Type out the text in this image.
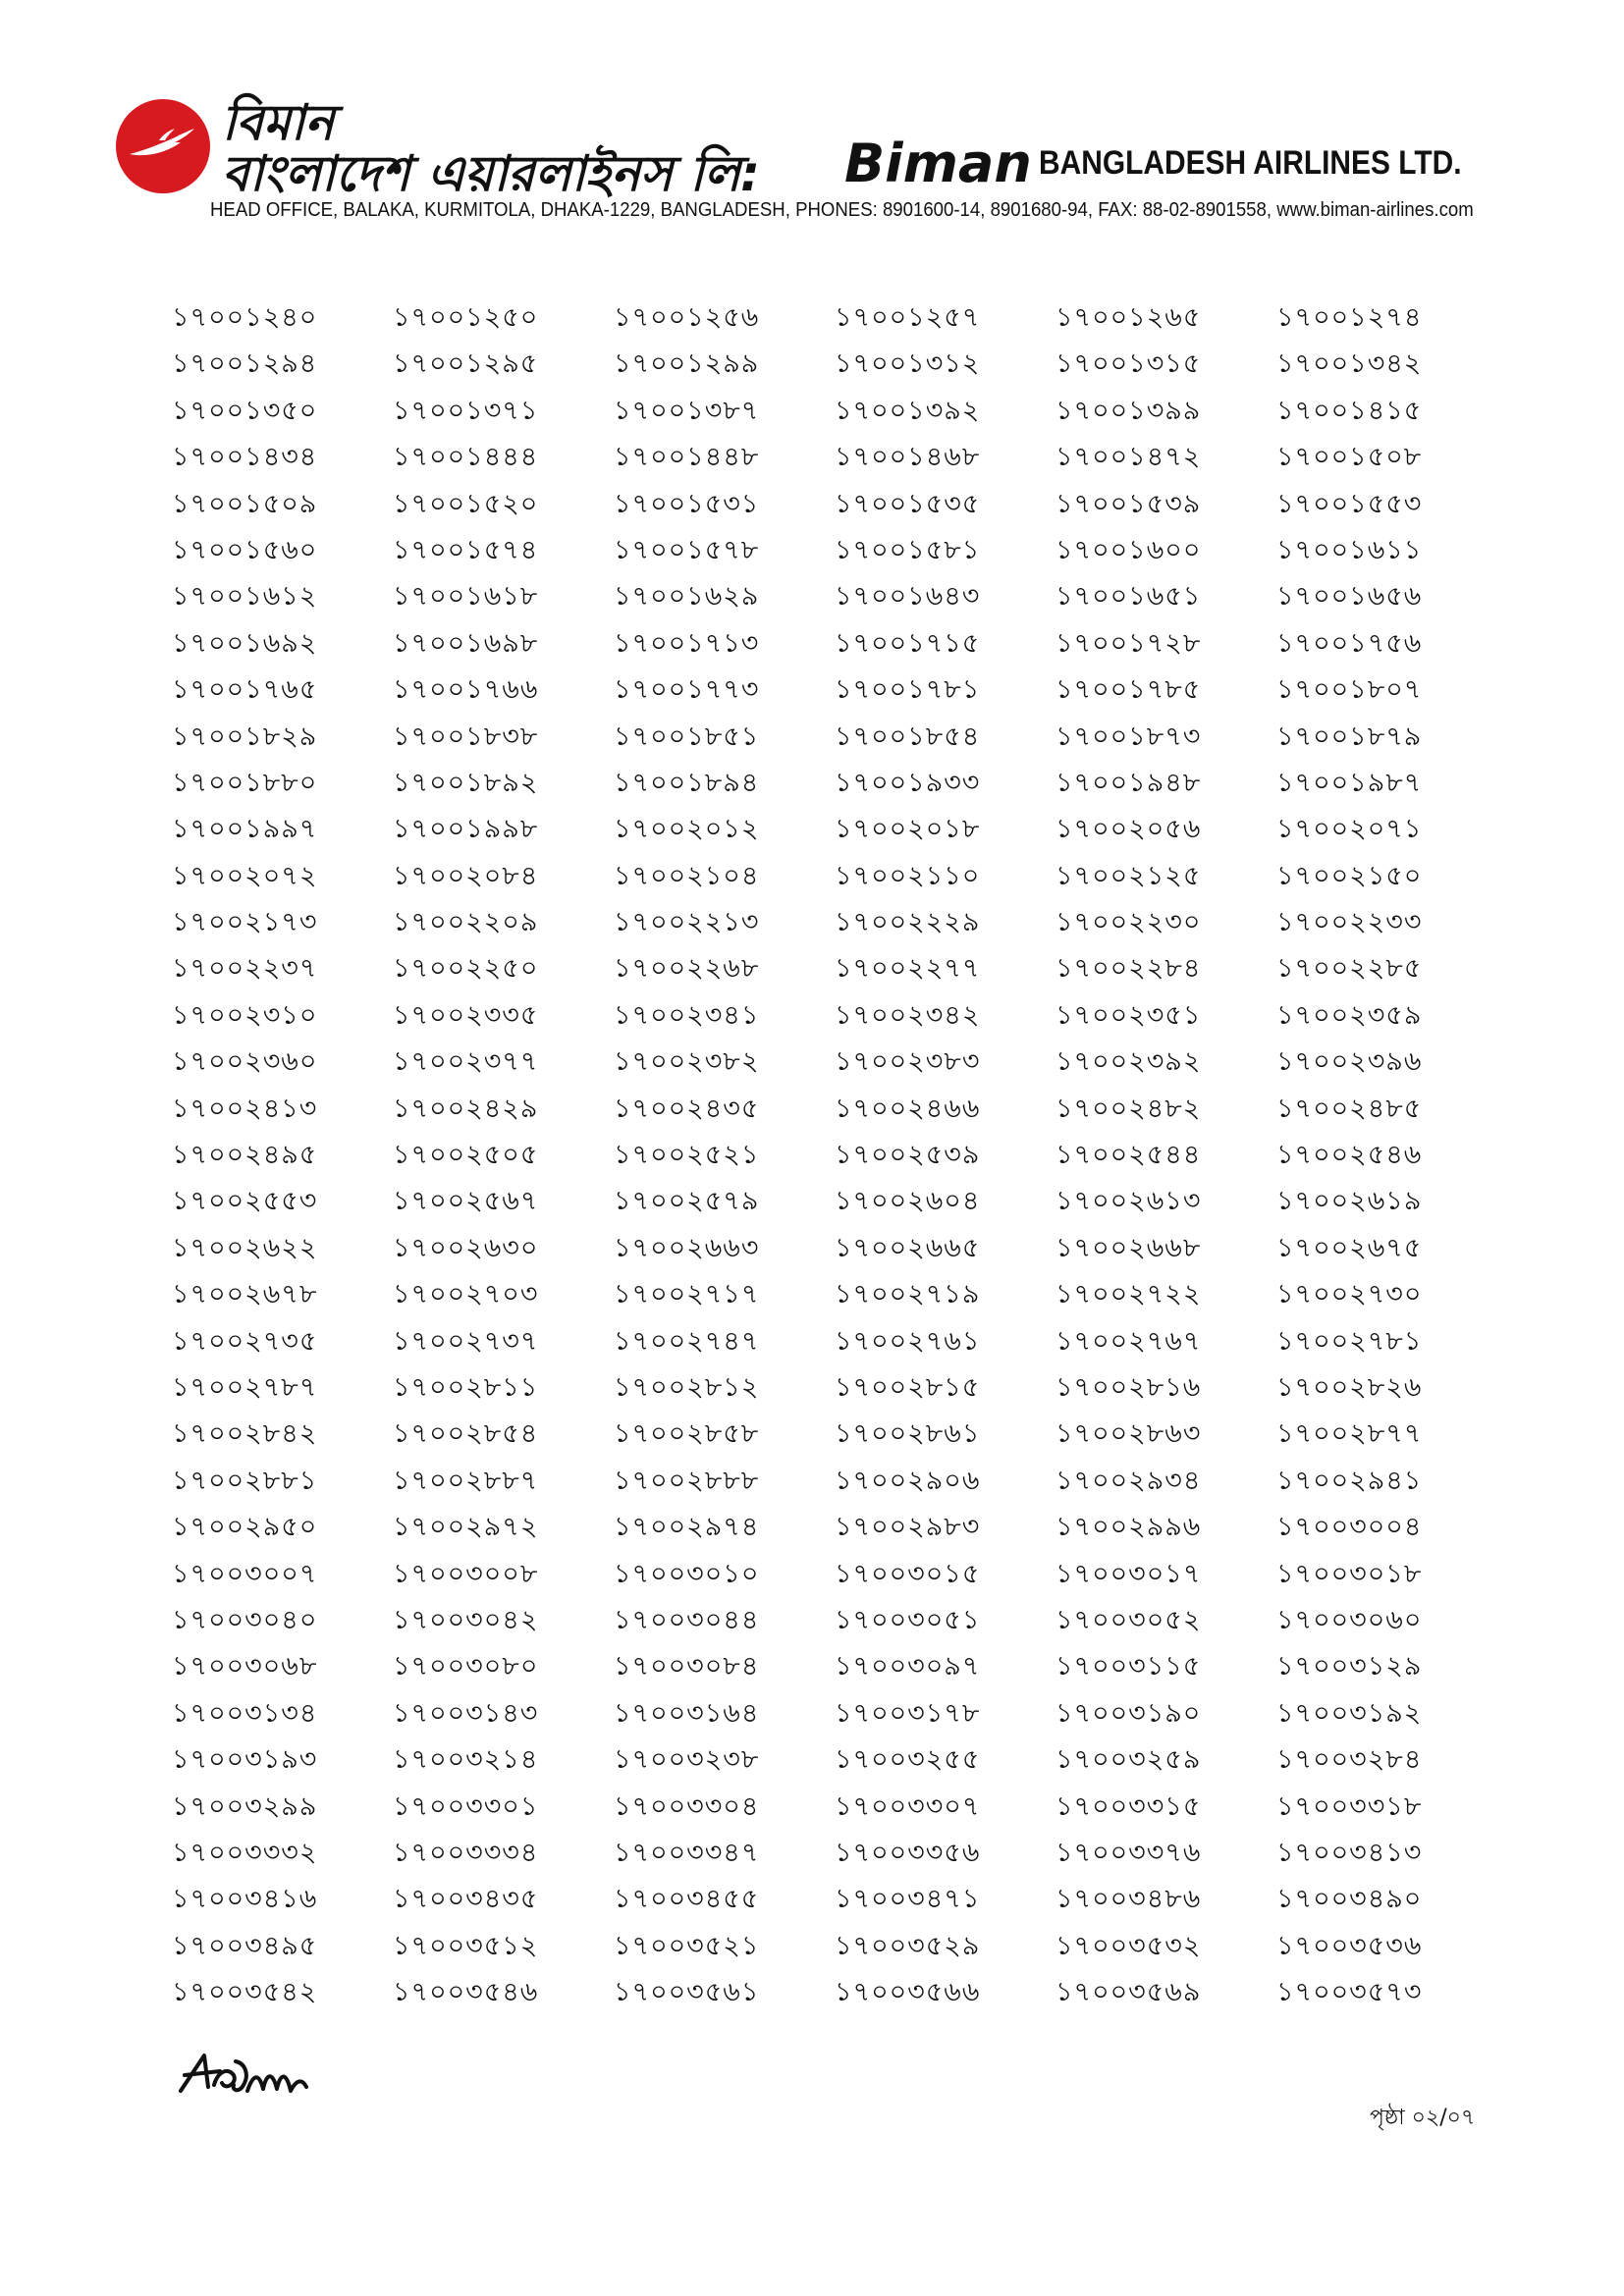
বিমান
বাংলাদেশ এয়ারলাইনস লি: Biman BANGLADESH AIRLINES LTD.
HEAD OFFICE, BALAKA, KURMITOLA, DHAKA-1229, BANGLADESH, PHONES: 8901600-14, 8901680-94, FAX: 88-02-8901558, www.biman-airlines.com
১৭০০১২৪০	১৭০০১২৫০	১৭০০১২৫৬	১৭০০১২৫৭	১৭০০১২৬৫	১৭০০১২৭৪
১৭০০১২৯৪	১৭০০১২৯৫	১৭০০১২৯৯	১৭০০১৩১২	১৭০০১৩১৫	১৭০০১৩৪২
১৭০০১৩৫০	১৭০০১৩৭১	১৭০০১৩৮৭	১৭০০১৩৯২	১৭০০১৩৯৯	১৭০০১৪১৫
১৭০০১৪৩৪	১৭০০১৪৪৪	১৭০০১৪৪৮	১৭০০১৪৬৮	১৭০০১৪৭২	১৭০০১৫০৮
১৭০০১৫০৯	১৭০০১৫২০	১৭০০১৫৩১	১৭০০১৫৩৫	১৭০০১৫৩৯	১৭০০১৫৫৩
১৭০০১৫৬০	১৭০০১৫৭৪	১৭০০১৫৭৮	১৭০০১৫৮১	১৭০০১৬০০	১৭০০১৬১১
১৭০০১৬১২	১৭০০১৬১৮	১৭০০১৬২৯	১৭০০১৬৪৩	১৭০০১৬৫১	১৭০০১৬৫৬
১৭০০১৬৯২	১৭০০১৬৯৮	১৭০০১৭১৩	১৭০০১৭১৫	১৭০০১৭২৮	১৭০০১৭৫৬
১৭০০১৭৬৫	১৭০০১৭৬৬	১৭০০১৭৭৩	১৭০০১৭৮১	১৭০০১৭৮৫	১৭০০১৮০৭
১৭০০১৮২৯	১৭০০১৮৩৮	১৭০০১৮৫১	১৭০০১৮৫৪	১৭০০১৮৭৩	১৭০০১৮৭৯
১৭০০১৮৮০	১৭০০১৮৯২	১৭০০১৮৯৪	১৭০০১৯৩৩	১৭০০১৯৪৮	১৭০০১৯৮৭
১৭০০১৯৯৭	১৭০০১৯৯৮	১৭০০২০১২	১৭০০২০১৮	১৭০০২০৫৬	১৭০০২০৭১
১৭০০২০৭২	১৭০০২০৮৪	১৭০০২১০৪	১৭০০২১১০	১৭০০২১২৫	১৭০০২১৫০
১৭০০২১৭৩	১৭০০২২০৯	১৭০০২২১৩	১৭০০২২২৯	১৭০০২২৩০	১৭০০২২৩৩
১৭০০২২৩৭	১৭০০২২৫০	১৭০০২২৬৮	১৭০০২২৭৭	১৭০০২২৮৪	১৭০০২২৮৫
১৭০০২৩১০	১৭০০২৩৩৫	১৭০০২৩৪১	১৭০০২৩৪২	১৭০০২৩৫১	১৭০০২৩৫৯
১৭০০২৩৬০	১৭০০২৩৭৭	১৭০০২৩৮২	১৭০০২৩৮৩	১৭০০২৩৯২	১৭০০২৩৯৬
১৭০০২৪১৩	১৭০০২৪২৯	১৭০০২৪৩৫	১৭০০২৪৬৬	১৭০০২৪৮২	১৭০০২৪৮৫
১৭০০২৪৯৫	১৭০০২৫০৫	১৭০০২৫২১	১৭০০২৫৩৯	১৭০০২৫৪৪	১৭০০২৫৪৬
১৭০০২৫৫৩	১৭০০২৫৬৭	১৭০০২৫৭৯	১৭০০২৬০৪	১৭০০২৬১৩	১৭০০২৬১৯
১৭০০২৬২২	১৭০০২৬৩০	১৭০০২৬৬৩	১৭০০২৬৬৫	১৭০০২৬৬৮	১৭০০২৬৭৫
১৭০০২৬৭৮	১৭০০২৭০৩	১৭০০২৭১৭	১৭০০২৭১৯	১৭০০২৭২২	১৭০০২৭৩০
১৭০০২৭৩৫	১৭০০২৭৩৭	১৭০০২৭৪৭	১৭০০২৭৬১	১৭০০২৭৬৭	১৭০০২৭৮১
১৭০০২৭৮৭	১৭০০২৮১১	১৭০০২৮১২	১৭০০২৮১৫	১৭০০২৮১৬	১৭০০২৮২৬
১৭০০২৮৪২	১৭০০২৮৫৪	১৭০০২৮৫৮	১৭০০২৮৬১	১৭০০২৮৬৩	১৭০০২৮৭৭
১৭০০২৮৮১	১৭০০২৮৮৭	১৭০০২৮৮৮	১৭০০২৯০৬	১৭০০২৯৩৪	১৭০০২৯৪১
১৭০০২৯৫০	১৭০০২৯৭২	১৭০০২৯৭৪	১৭০০২৯৮৩	১৭০০২৯৯৬	১৭০০৩০০৪
১৭০০৩০০৭	১৭০০৩০০৮	১৭০০৩০১০	১৭০০৩০১৫	১৭০০৩০১৭	১৭০০৩০১৮
১৭০০৩০৪০	১৭০০৩০৪২	১৭০০৩০৪৪	১৭০০৩০৫১	১৭০০৩০৫২	১৭০০৩০৬০
১৭০০৩০৬৮	১৭০০৩০৮০	১৭০০৩০৮৪	১৭০০৩০৯৭	১৭০০৩১১৫	১৭০০৩১২৯
১৭০০৩১৩৪	১৭০০৩১৪৩	১৭০০৩১৬৪	১৭০০৩১৭৮	১৭০০৩১৯০	১৭০০৩১৯২
১৭০০৩১৯৩	১৭০০৩২১৪	১৭০০৩২৩৮	১৭০০৩২৫৫	১৭০০৩২৫৯	১৭০০৩২৮৪
১৭০০৩২৯৯	১৭০০৩৩০১	১৭০০৩৩০৪	১৭০০৩৩০৭	১৭০০৩৩১৫	১৭০০৩৩১৮
১৭০০৩৩৩২	১৭০০৩৩৩৪	১৭০০৩৩৪৭	১৭০০৩৩৫৬	১৭০০৩৩৭৬	১৭০০৩৪১৩
১৭০০৩৪১৬	১৭০০৩৪৩৫	১৭০০৩৪৫৫	১৭০০৩৪৭১	১৭০০৩৪৮৬	১৭০০৩৪৯০
১৭০০৩৪৯৫	১৭০০৩৫১২	১৭০০৩৫২১	১৭০০৩৫২৯	১৭০০৩৫৩২	১৭০০৩৫৩৬
১৭০০৩৫৪২	১৭০০৩৫৪৬	১৭০০৩৫৬১	১৭০০৩৫৬৬	১৭০০৩৫৬৯	১৭০০৩৫৭৩
পৃষ্ঠা ০২/০৭
